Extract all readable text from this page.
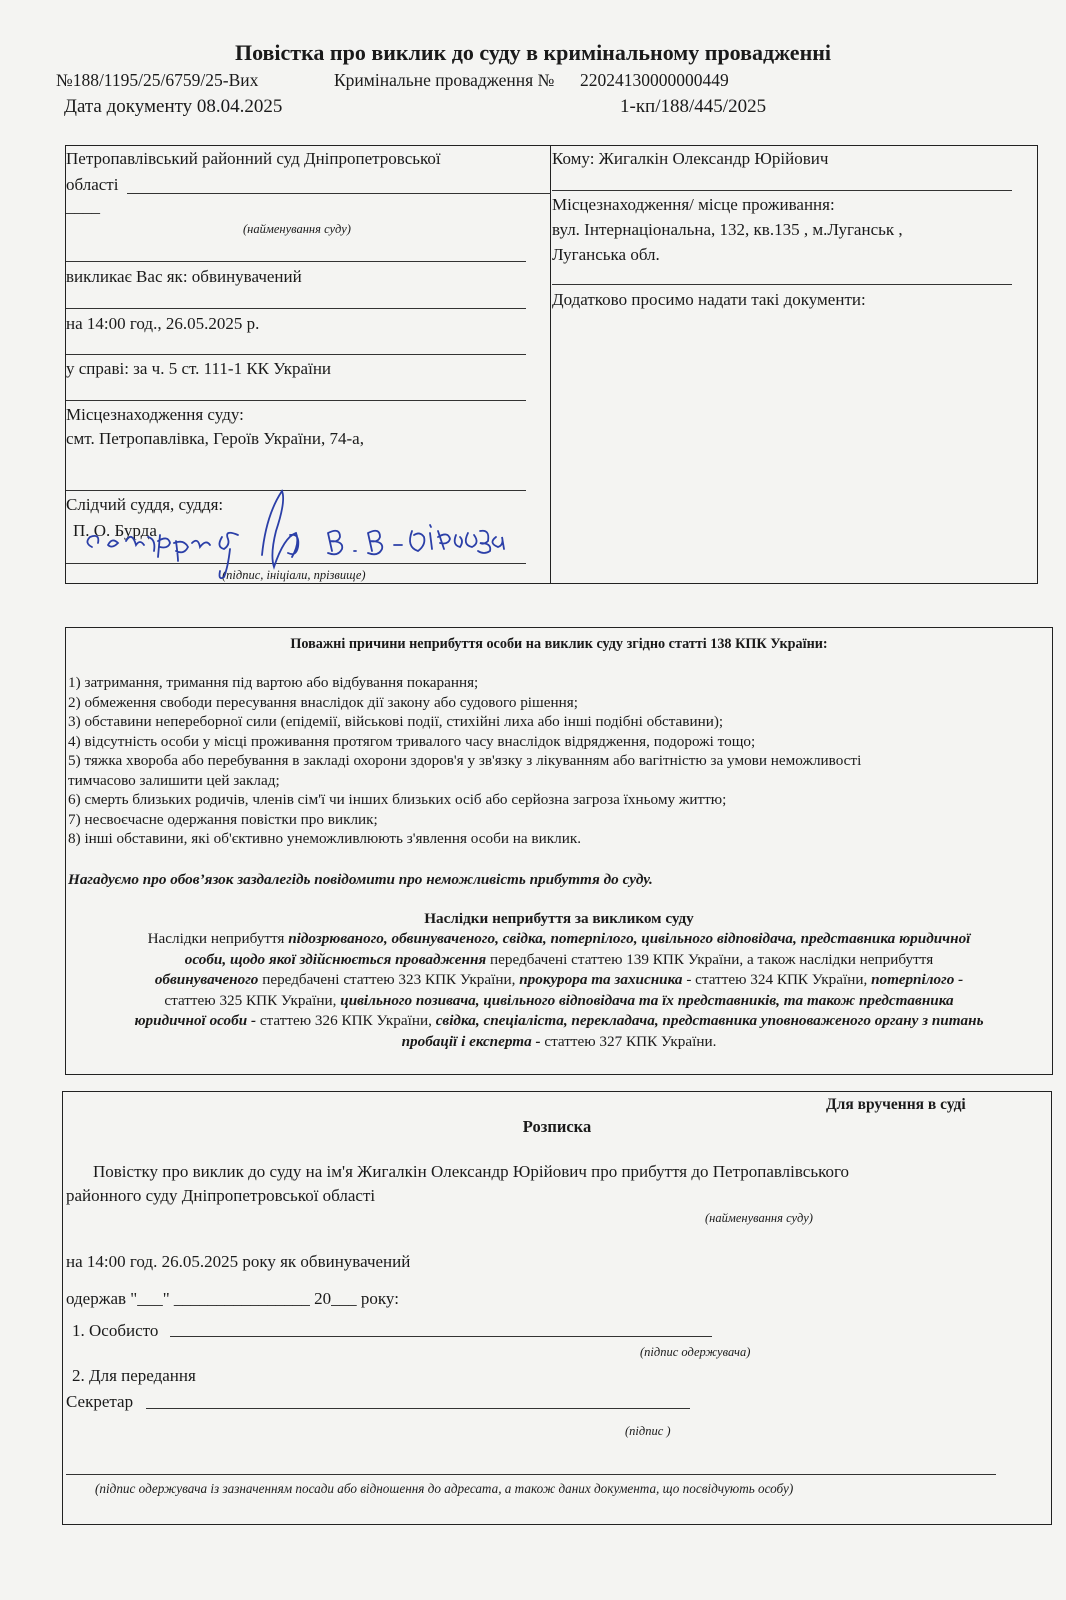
Повістка про виклик до суду в кримінальному провадженні
№188/1195/25/6759/25-Вих	Кримінальне провадження № 22024130000000449
Дата документу 08.04.2025	1-кп/188/445/2025
Петропавлівський районний суд Дніпропетровської
області
____
(найменування суду)
викликає Вас як: обвинувачений
на 14:00 год., 26.05.2025 р.
у справі: за ч. 5 ст. 111-1 КК України
Місцезнаходження суду:
смт. Петропавлівка, Героїв України, 74-а,
Слідчий суддя, суддя:
П. О. Бурда
(підпис, ініціали, прізвище)
Кому: Жигалкін Олександр Юрійович
Місцезнаходження/ місце проживання:
вул. Інтернаціональна, 132, кв.135 , м.Луганськ ,
Луганська обл.
Додатково просимо надати такі документи:
Поважні причини неприбуття особи на виклик суду згідно статті 138 КПК України:
1) затримання, тримання під вартою або відбування покарання;
2) обмеження свободи пересування внаслідок дії закону або судового рішення;
3) обставини непереборної сили (епідемії, військові події, стихійні лиха або інші подібні обставини);
4) відсутність особи у місці проживання протягом тривалого часу внаслідок відрядження, подорожі тощо;
5) тяжка хвороба або перебування в закладі охорони здоров'я у зв'язку з лікуванням або вагітністю за умови неможливості
тимчасово залишити цей заклад;
6) смерть близьких родичів, членів сім'ї чи інших близьких осіб або серйозна загроза їхньому життю;
7) несвоєчасне одержання повістки про виклик;
8) інші обставини, які об'єктивно унеможливлюють з'явлення особи на виклик.
Нагадуємо про обов’язок заздалегідь повідомити про неможливість прибуття до суду.
Наслідки неприбуття за викликом суду
Наслідки неприбуття підозрюваного, обвинуваченого, свідка, потерпілого, цивільного відповідача, представника юридичної
особи, щодо якої здійснюється провадження передбачені статтею 139 КПК України, а також наслідки неприбуття
обвинуваченого передбачені статтею 323 КПК України, прокурора та захисника - статтею 324 КПК України, потерпілого -
статтею 325 КПК України, цивільного позивача, цивільного відповідача та їх представників, та також представника
юридичної особи - статтею 326 КПК України, свідка, спеціаліста, перекладача, представника уповноваженого органу з питань
пробації і експерта - статтею 327 КПК України.
Для вручення в суді
Розписка
Повістку про виклик до суду на ім'я Жигалкін Олександр Юрійович про прибуття до Петропавлівського
районного суду Дніпропетровської області
(найменування суду)
на 14:00 год. 26.05.2025 року як обвинувачений
одержав "___" ________________ 20___ року:
1. Особисто
(підпис одержувача)
2. Для передання
Секретар
(підпис )
(підпис одержувача із зазначенням посади або відношення до адресата, а також даних документа, що посвідчують особу)
